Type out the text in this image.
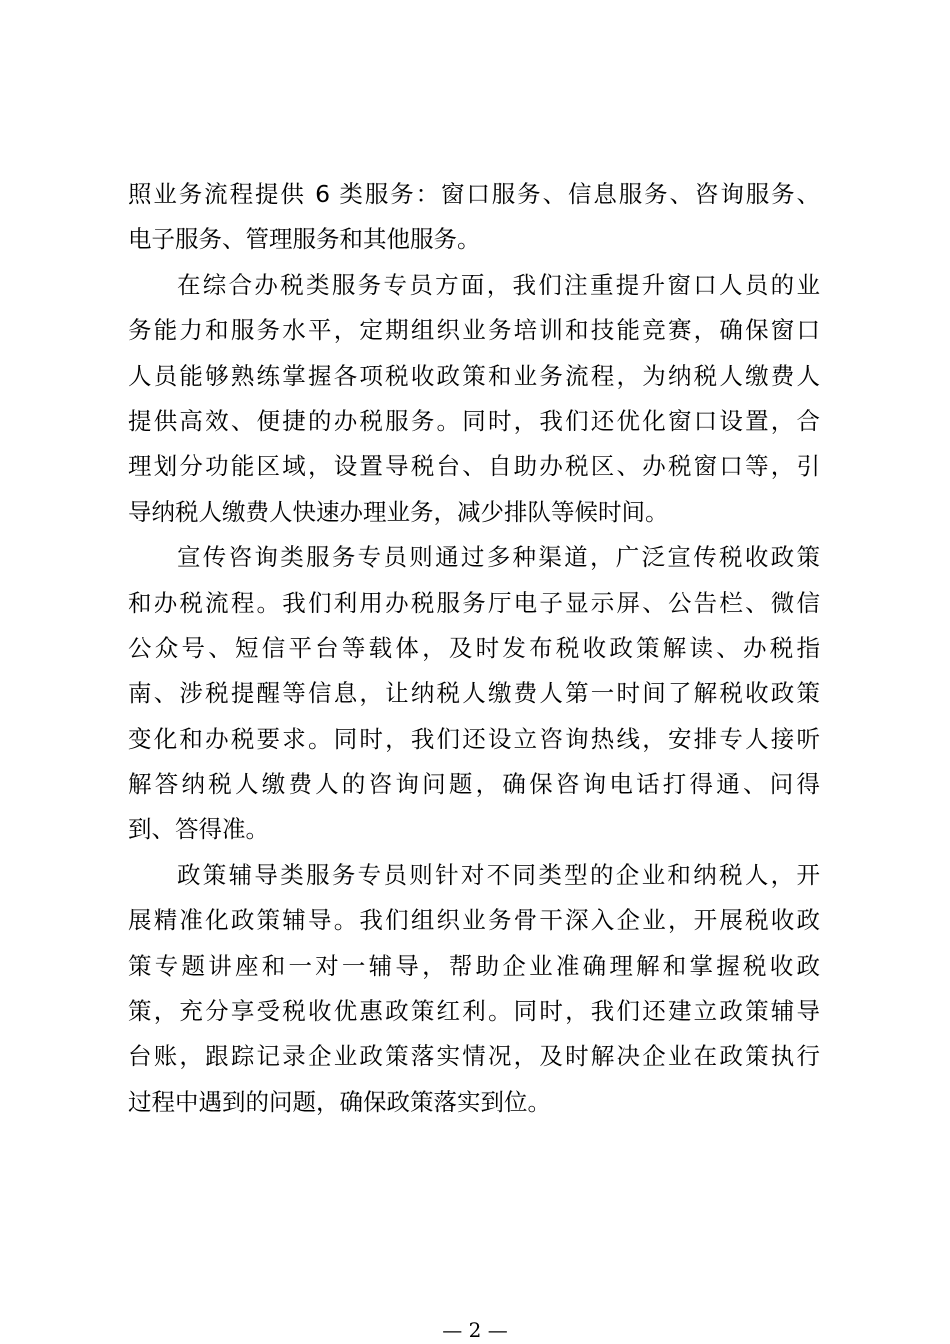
照业务流程提供 6 类服务：窗口服务、信息服务、咨询服务、
电子服务、管理服务和其他服务。
在综合办税类服务专员方面，我们注重提升窗口人员的业
务能力和服务水平，定期组织业务培训和技能竞赛，确保窗口
人员能够熟练掌握各项税收政策和业务流程，为纳税人缴费人
提供高效、便捷的办税服务。同时，我们还优化窗口设置，合
理划分功能区域，设置导税台、自助办税区、办税窗口等，引
导纳税人缴费人快速办理业务，减少排队等候时间。
宣传咨询类服务专员则通过多种渠道，广泛宣传税收政策
和办税流程。我们利用办税服务厅电子显示屏、公告栏、微信
公众号、短信平台等载体，及时发布税收政策解读、办税指
南、涉税提醒等信息，让纳税人缴费人第一时间了解税收政策
变化和办税要求。同时，我们还设立咨询热线，安排专人接听
解答纳税人缴费人的咨询问题，确保咨询电话打得通、问得
到、答得准。
政策辅导类服务专员则针对不同类型的企业和纳税人，开
展精准化政策辅导。我们组织业务骨干深入企业，开展税收政
策专题讲座和一对一辅导，帮助企业准确理解和掌握税收政
策，充分享受税收优惠政策红利。同时，我们还建立政策辅导
台账，跟踪记录企业政策落实情况，及时解决企业在政策执行
过程中遇到的问题，确保政策落实到位。
— 2 —
